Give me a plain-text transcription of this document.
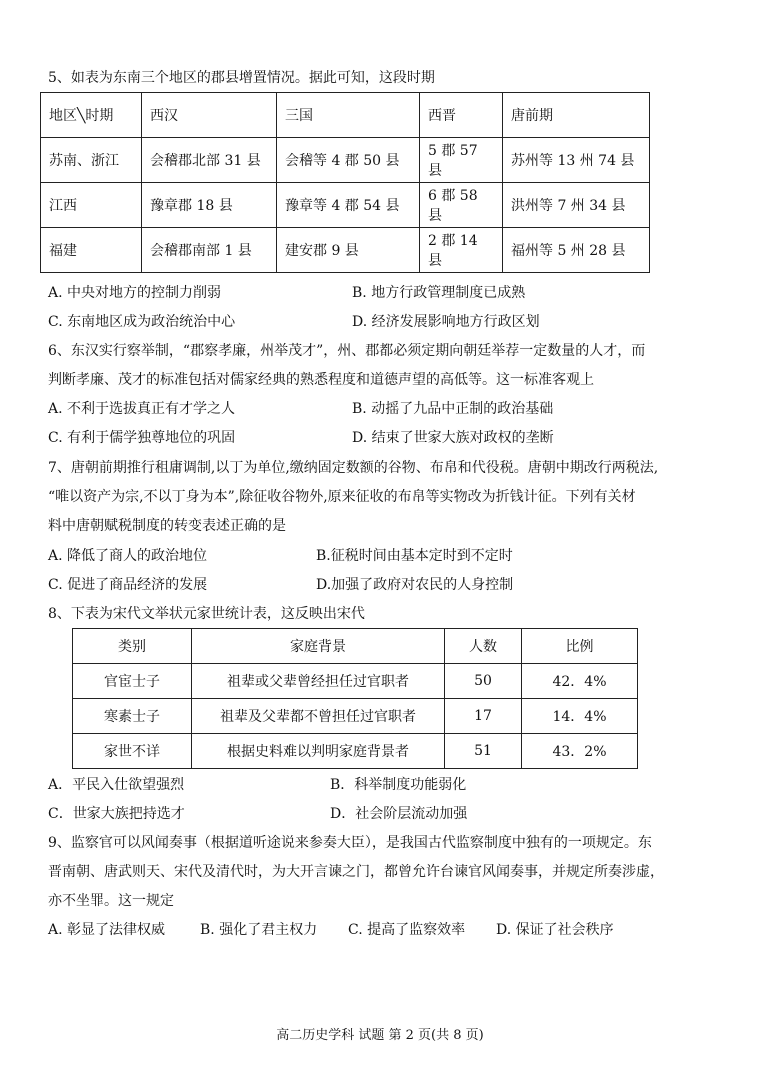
5、如表为东南三个地区的郡县增置情况。据此可知，这段时期
地区╲时期	西汉	三国	西晋	唐前期
苏南、浙江	会稽郡北部 31 县	会稽等 4 郡 50 县	5 郡 57 县	苏州等 13 州 74 县
江西	豫章郡 18 县	豫章等 4 郡 54 县	6 郡 58 县	洪州等 7 州 34 县
福建	会稽郡南部 1 县	建安郡 9 县	2 郡 14 县	福州等 5 州 28 县
A. 中央对地方的控制力削弱	B. 地方行政管理制度已成熟
C. 东南地区成为政治统治中心	D. 经济发展影响地方行政区划
6、东汉实行察举制，“郡察孝廉，州举茂才”，州、郡都必须定期向朝廷举荐一定数量的人才，而
判断孝廉、茂才的标准包括对儒家经典的熟悉程度和道德声望的高低等。这一标准客观上
A. 不利于选拔真正有才学之人	B. 动摇了九品中正制的政治基础
C. 有利于儒学独尊地位的巩固	D. 结束了世家大族对政权的垄断
7、唐朝前期推行租庸调制,以丁为单位,缴纳固定数额的谷物、布帛和代役税。唐朝中期改行两税法,
“唯以资产为宗,不以丁身为本”,除征收谷物外,原来征收的布帛等实物改为折钱计征。下列有关材
料中唐朝赋税制度的转变表述正确的是
A. 降低了商人的政治地位	B.征税时间由基本定时到不定时
C. 促进了商品经济的发展	D.加强了政府对农民的人身控制
8、下表为宋代文举状元家世统计表，这反映出宋代
类别	家庭背景	人数	比例
官宦士子	祖辈或父辈曾经担任过官职者	50	42．4%
寒素士子	祖辈及父辈都不曾担任过官职者	17	14．4%
家世不详	根据史料难以判明家庭背景者	51	43．2%
A．平民入仕欲望强烈	B．科举制度功能弱化
C．世家大族把持选才	D．社会阶层流动加强
9、监察官可以风闻奏事（根据道听途说来参奏大臣），是我国古代监察制度中独有的一项规定。东
晋南朝、唐武则天、宋代及清代时，为大开言谏之门，都曾允许台谏官风闻奏事，并规定所奏涉虚，
亦不坐罪。这一规定
A. 彰显了法律权威 B. 强化了君主权力 C. 提高了监察效率 D. 保证了社会秩序
高二历史学科 试题 第 2 页(共 8 页)
